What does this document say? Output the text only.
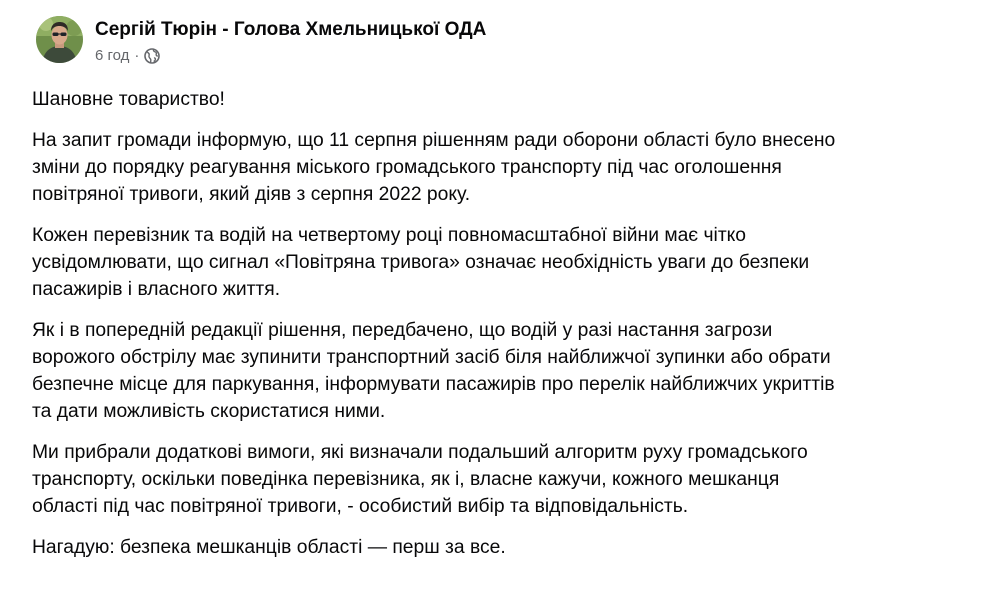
Сергій Тюрін - Голова Хмельницької ОДА
6 год ·

Шановне товариство!

На запит громади інформую, що 11 серпня рішенням ради оборони області було внесено
зміни до порядку реагування міського громадського транспорту під час оголошення
повітряної тривоги, який діяв з серпня 2022 року.

Кожен перевізник та водій на четвертому році повномасштабної війни має чітко
усвідомлювати, що сигнал «Повітряна тривога» означає необхідність уваги до безпеки
пасажирів і власного життя.

Як і в попередній редакції рішення, передбачено, що водій у разі настання загрози
ворожого обстрілу має зупинити транспортний засіб біля найближчої зупинки або обрати
безпечне місце для паркування, інформувати пасажирів про перелік найближчих укриттів
та дати можливість скористатися ними.

Ми прибрали додаткові вимоги, які визначали подальший алгоритм руху громадського
транспорту, оскільки поведінка перевізника, як і, власне кажучи, кожного мешканця
області під час повітряної тривоги, - особистий вибір та відповідальність.

Нагадую: безпека мешканців області — перш за все.
